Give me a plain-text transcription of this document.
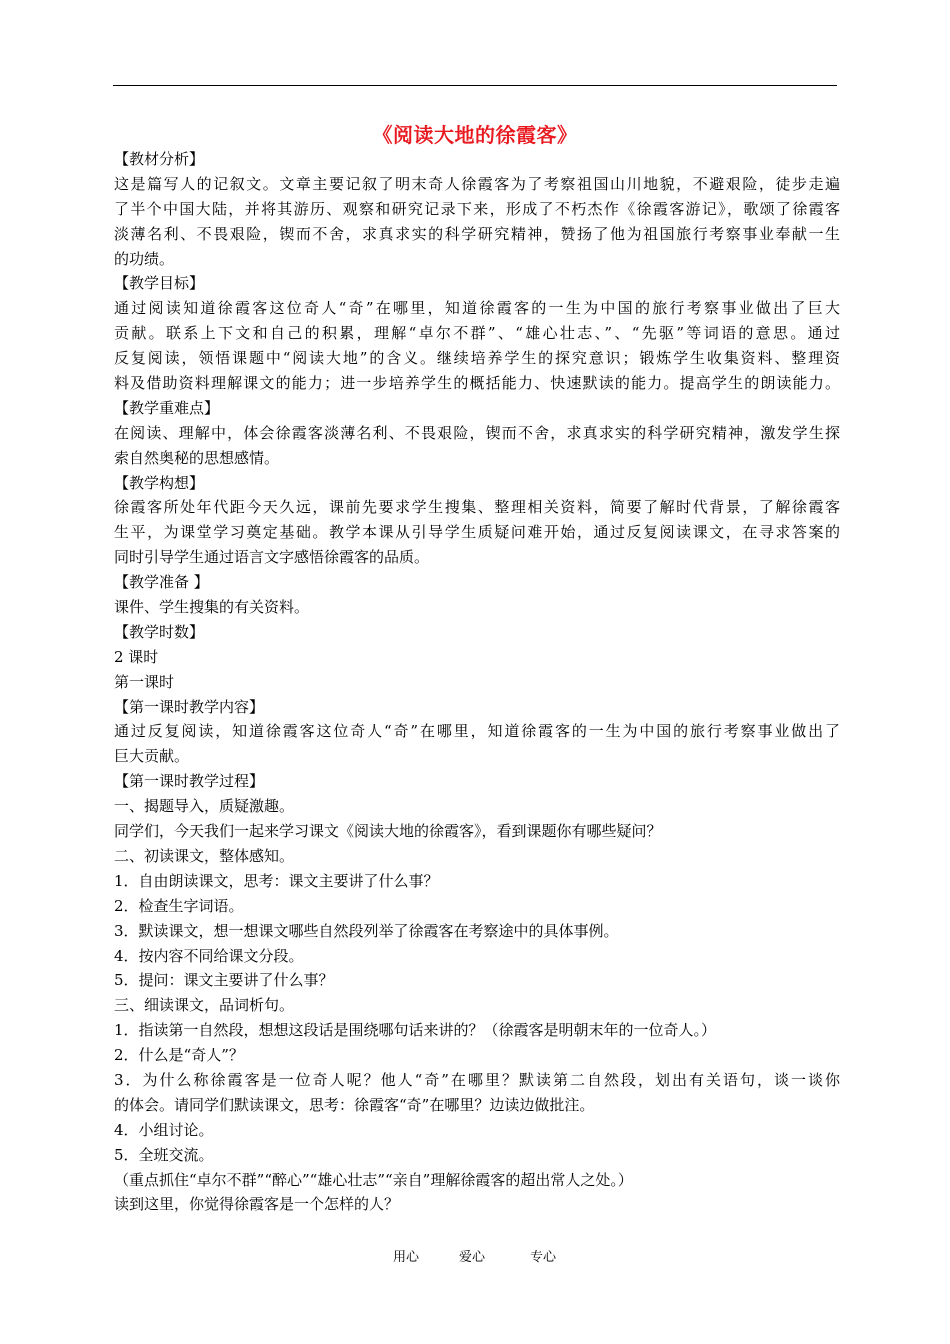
《阅读大地的徐霞客》
【教材分析】
这是篇写人的记叙文。文章主要记叙了明末奇人徐霞客为了考察祖国山川地貌，不避艰险，徒步走遍
了半个中国大陆，并将其游历、观察和研究记录下来，形成了不朽杰作《徐霞客游记》，歌颂了徐霞客
淡薄名利、不畏艰险，锲而不舍，求真求实的科学研究精神，赞扬了他为祖国旅行考察事业奉献一生
的功绩。
【教学目标】
通过阅读知道徐霞客这位奇人“奇”在哪里，知道徐霞客的一生为中国的旅行考察事业做出了巨大
贡献。联系上下文和自己的积累，理解“卓尔不群”、“雄心壮志、”、“先驱”等词语的意思。通过
反复阅读，领悟课题中“阅读大地”的含义。继续培养学生的探究意识；锻炼学生收集资料、整理资
料及借助资料理解课文的能力；进一步培养学生的概括能力、快速默读的能力。提高学生的朗读能力。
【教学重难点】
在阅读、理解中，体会徐霞客淡薄名利、不畏艰险，锲而不舍，求真求实的科学研究精神，激发学生探
索自然奥秘的思想感情。
【教学构想】
徐霞客所处年代距今天久远，课前先要求学生搜集、整理相关资料，简要了解时代背景，了解徐霞客
生平，为课堂学习奠定基础。教学本课从引导学生质疑问难开始，通过反复阅读课文，在寻求答案的
同时引导学生通过语言文字感悟徐霞客的品质。
【教学准备 】
课件、学生搜集的有关资料。
【教学时数】
2 课时
第一课时
【第一课时教学内容】
通过反复阅读，知道徐霞客这位奇人“奇”在哪里，知道徐霞客的一生为中国的旅行考察事业做出了
巨大贡献。
【第一课时教学过程】
一、揭题导入，质疑激趣。
同学们，今天我们一起来学习课文《阅读大地的徐霞客》，看到课题你有哪些疑问？
二、初读课文，整体感知。
1．自由朗读课文，思考：课文主要讲了什么事？
2．检查生字词语。
3．默读课文，想一想课文哪些自然段列举了徐霞客在考察途中的具体事例。
4．按内容不同给课文分段。
5．提问：课文主要讲了什么事？
三、细读课文，品词析句。
1．指读第一自然段，想想这段话是围绕哪句话来讲的？（徐霞客是明朝末年的一位奇人。）
2．什么是“奇人”？
3．为什么称徐霞客是一位奇人呢？他人“奇”在哪里？默读第二自然段，划出有关语句，谈一谈你
的体会。请同学们默读课文，思考：徐霞客“奇”在哪里？边读边做批注。
4．小组讨论。
5．全班交流。
（重点抓住“卓尔不群”“醉心”“雄心壮志”“亲自”理解徐霞客的超出常人之处。）
读到这里，你觉得徐霞客是一个怎样的人？
用心	爱心	专心
